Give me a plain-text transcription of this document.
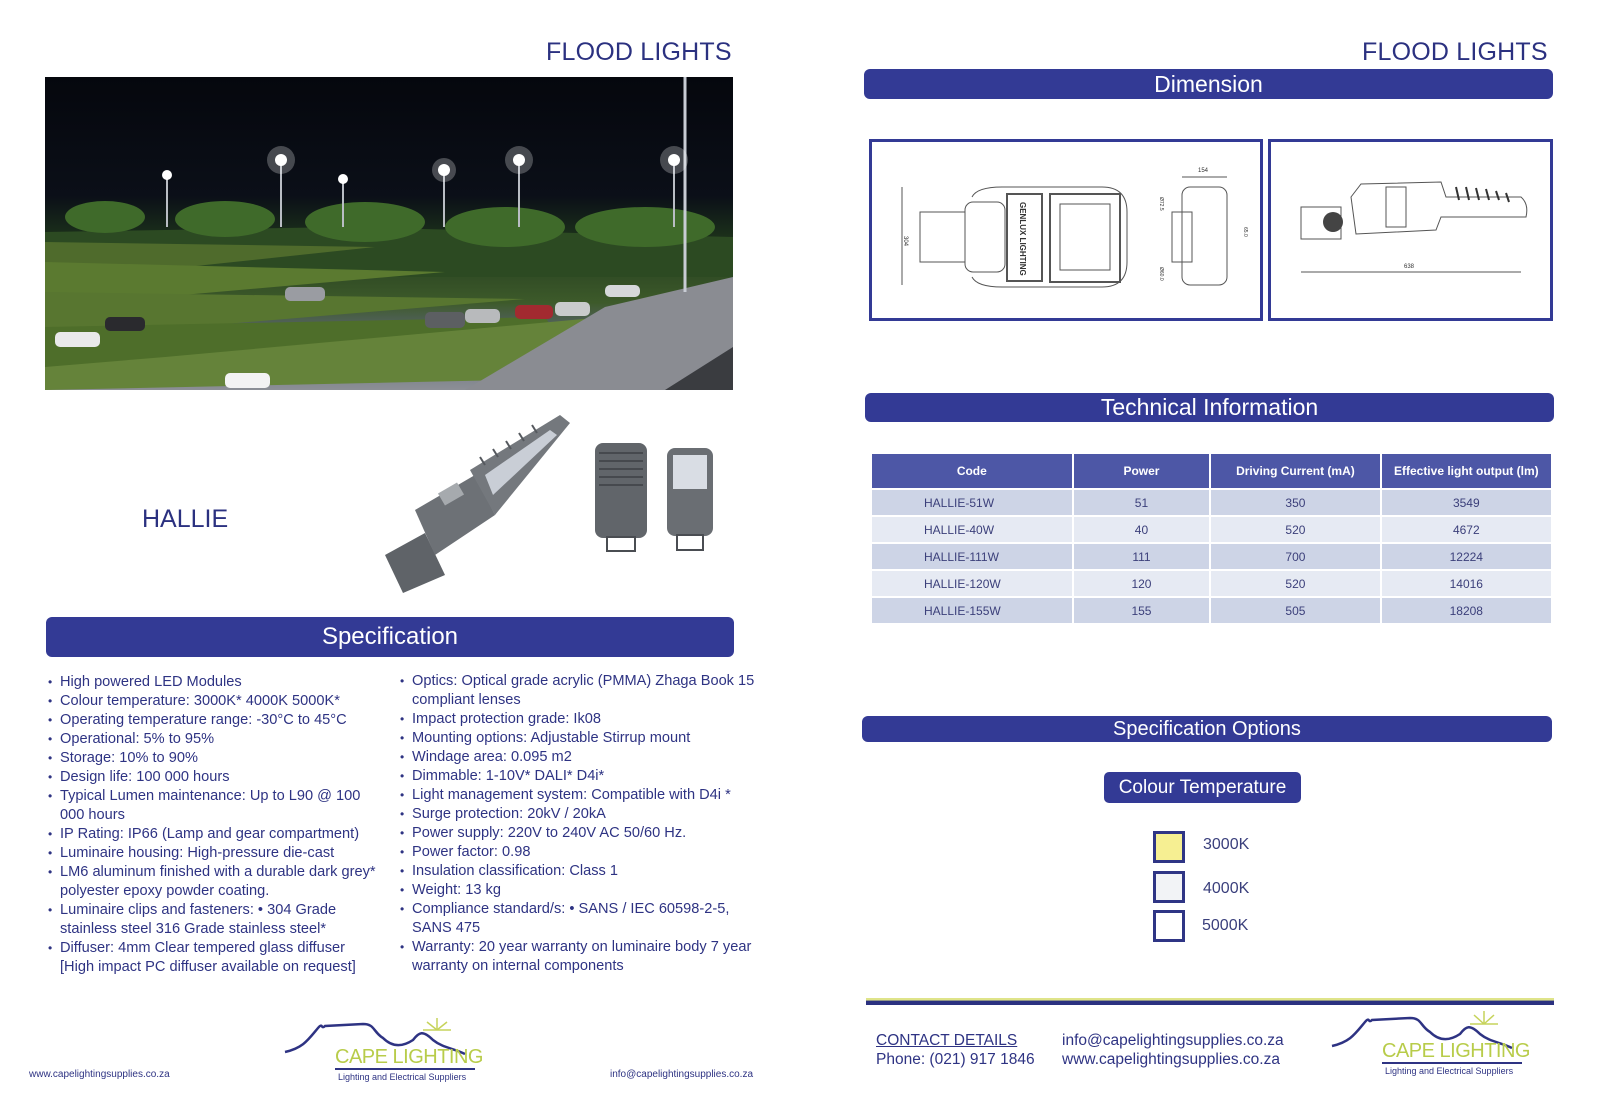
FLOOD LIGHTS
HALLIE
Specification
• High powered LED Modules
• Colour temperature: 3000K* 4000K 5000K*
• Operating temperature range: -30°C to 45°C
• Operational: 5% to 95%
• Storage: 10% to 90%
• Design life: 100 000 hours
• Typical Lumen maintenance: Up to L90 @ 100 000 hours
• IP Rating: IP66 (Lamp and gear compartment)
• Luminaire housing: High-pressure die-cast
• LM6 aluminum finished with a durable dark grey* polyester epoxy powder coating.
• Luminaire clips and fasteners: • 304 Grade stainless steel 316 Grade stainless steel*
• Diffuser: 4mm Clear tempered glass diffuser [High impact PC diffuser available on request]
• Optics: Optical grade acrylic (PMMA) Zhaga Book 15 compliant lenses
• Impact protection grade: Ik08
• Mounting options: Adjustable Stirrup mount
• Windage area: 0.095 m2
• Dimmable: 1-10V* DALI* D4i*
• Light management system: Compatible with D4i *
• Surge protection: 20kV / 20kA
• Power supply: 220V to 240V AC 50/60 Hz.
• Power factor: 0.98
• Insulation classification: Class 1
• Weight: 13 kg
• Compliance standard/s: • SANS / IEC 60598-2-5, SANS 475
• Warranty: 20 year warranty on luminaire body 7 year warranty on internal components
www.capelightingsupplies.co.za	info@capelightingsupplies.co.za
CAPE LIGHTING
Lighting and Electrical Suppliers
FLOOD LIGHTS
Dimension
304	GENLUX LIGHTING
154
Ø72.5
Ø60.0
65.0
638
Technical Information
Code	Power	Driving Current (mA)	Effective light output (lm)
HALLIE-51W	51	350	3549
HALLIE-40W	40	520	4672
HALLIE-111W	111	700	12224
HALLIE-120W	120	520	14016
HALLIE-155W	155	505	18208
Specification Options
Colour Temperature
3000K
4000K
5000K
CONTACT DETAILS
Phone: (021) 917 1846
info@capelightingsupplies.co.za
www.capelightingsupplies.co.za	CAPE LIGHTING
Lighting and Electrical Suppliers
